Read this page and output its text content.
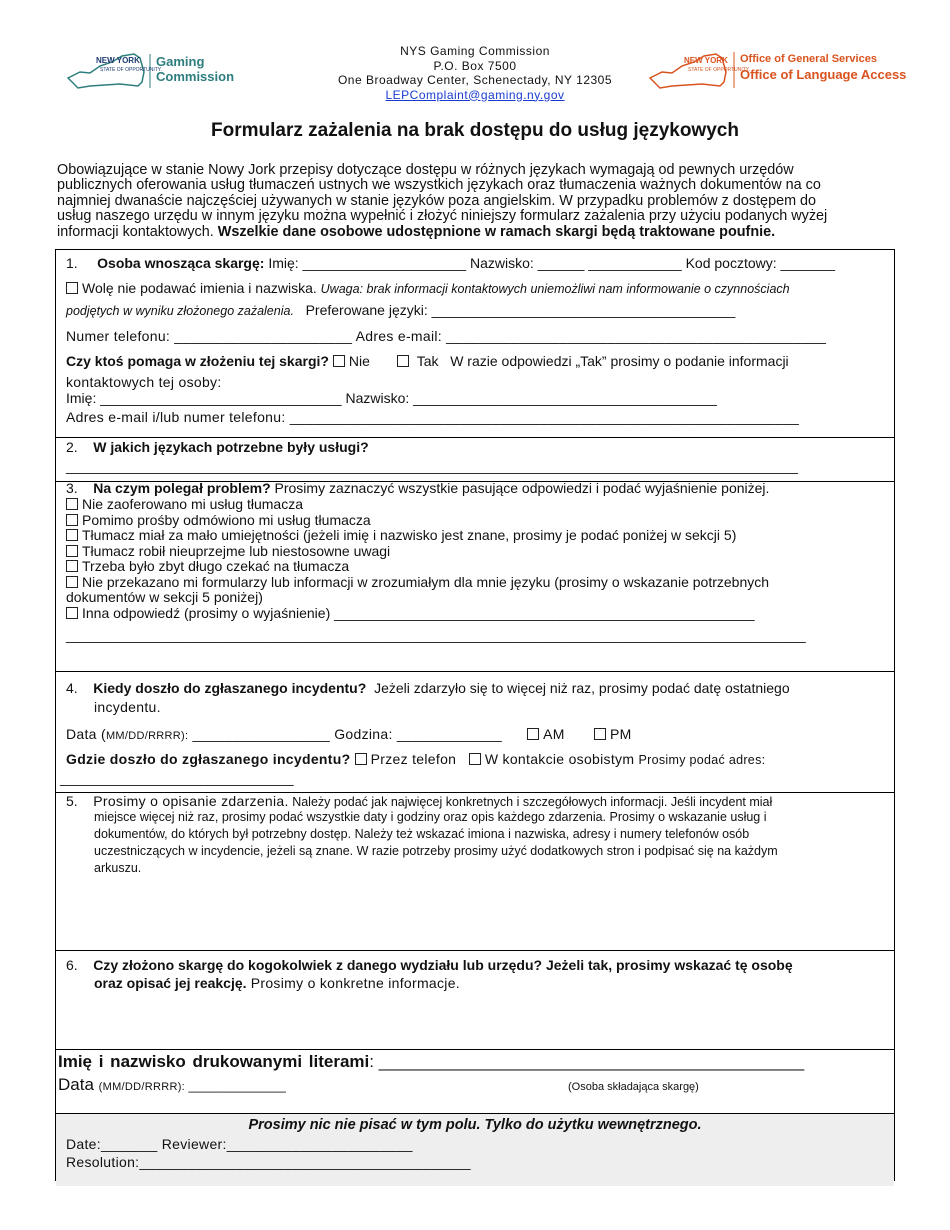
NEW YORK
STATE OF OPPORTUNITY.
Gaming
Commission
NYS Gaming Commission
P.O. Box 7500
One Broadway Center, Schenectady, NY 12305
LEPComplaint@gaming.ny.gov
NEW YORK
STATE OF OPPORTUNITY.
Office of General Services
Office of Language Access
Formularz zażalenia na brak dostępu do usług językowych
Obowiązujące w stanie Nowy Jork przepisy dotyczące dostępu w różnych językach wymagają od pewnych urzędów
publicznych oferowania usług tłumaczeń ustnych we wszystkich językach oraz tłumaczenia ważnych dokumentów na co
najmniej dwanaście najczęściej używanych w stanie języków poza angielskim. W przypadku problemów z dostępem do
usług naszego urzędu w innym języku można wypełnić i złożyć niniejszy formularz zażalenia przy użyciu podanych wyżej
informacji kontaktowych. Wszelkie dane osobowe udostępnione w ramach skargi będą traktowane poufnie.
1. Osoba wnosząca skargę: Imię: _____________________ Nazwisko: ______ ____________ Kod pocztowy: _______
Wolę nie podawać imienia i nazwiska. Uwaga: brak informacji kontaktowych uniemożliwi nam informowanie o czynnościach
podjętych w wyniku złożonego zażalenia. Preferowane języki: _______________________________________
Numer telefonu: ______________________ Adres e-mail: _______________________________________________
Czy ktoś pomaga w złożeniu tej skargi? Nie	Tak W razie odpowiedzi „Tak” prosimy o podanie informacji
kontaktowych tej osoby:
Imię: _______________________________ Nazwisko: _______________________________________
Adres e-mail i/lub numer telefonu: _______________________________________________________________
2. W jakich językach potrzebne były usługi?
______________________________________________________________________________________________
3. Na czym polegał problem? Prosimy zaznaczyć wszystkie pasujące odpowiedzi i podać wyjaśnienie poniżej.
Nie zaoferowano mi usług tłumacza
Pomimo prośby odmówiono mi usług tłumacza
Tłumacz miał za mało umiejętności (jeżeli imię i nazwisko jest znane, prosimy je podać poniżej w sekcji 5)
Tłumacz robił nieuprzejme lub niestosowne uwagi
Trzeba było zbyt długo czekać na tłumacza
Nie przekazano mi formularzy lub informacji w zrozumiałym dla mnie języku (prosimy o wskazanie potrzebnych
dokumentów w sekcji 5 poniżej)
Inna odpowiedź (prosimy o wyjaśnienie) ______________________________________________________
_______________________________________________________________________________________________
4. Kiedy doszło do zgłaszanego incydentu? Jeżeli zdarzyło się to więcej niż raz, prosimy podać datę ostatniego
incydentu.
Data (MM/DD/RRRR): _________________ Godzina: _____________	AM	PM
Gdzie doszło do zgłaszanego incydentu? Przez telefon W kontakcie osobistym Prosimy podać adres:
______________________________
5. Prosimy o opisanie zdarzenia. Należy podać jak najwięcej konkretnych i szczegółowych informacji. Jeśli incydent miał
miejsce więcej niż raz, prosimy podać wszystkie daty i godziny oraz opis każdego zdarzenia. Prosimy o wskazanie usług i
dokumentów, do których był potrzebny dostęp. Należy też wskazać imiona i nazwiska, adresy i numery telefonów osób
uczestniczących w incydencie, jeżeli są znane. W razie potrzeby prosimy użyć dodatkowych stron i podpisać się na każdym
arkuszu.
6. Czy złożono skargę do kogokolwiek z danego wydziału lub urzędu? Jeżeli tak, prosimy wskazać tę osobę
oraz opisać jej reakcję. Prosimy o konkretne informacje.
Imię i nazwisko drukowanymi literami: _____________________________________________
Data (MM/DD/RRRR): ______________	(Osoba składająca skargę)
Prosimy nic nie pisać w tym polu. Tylko do użytku wewnętrznego.
Date:_______ Reviewer:_______________________
Resolution:_________________________________________
